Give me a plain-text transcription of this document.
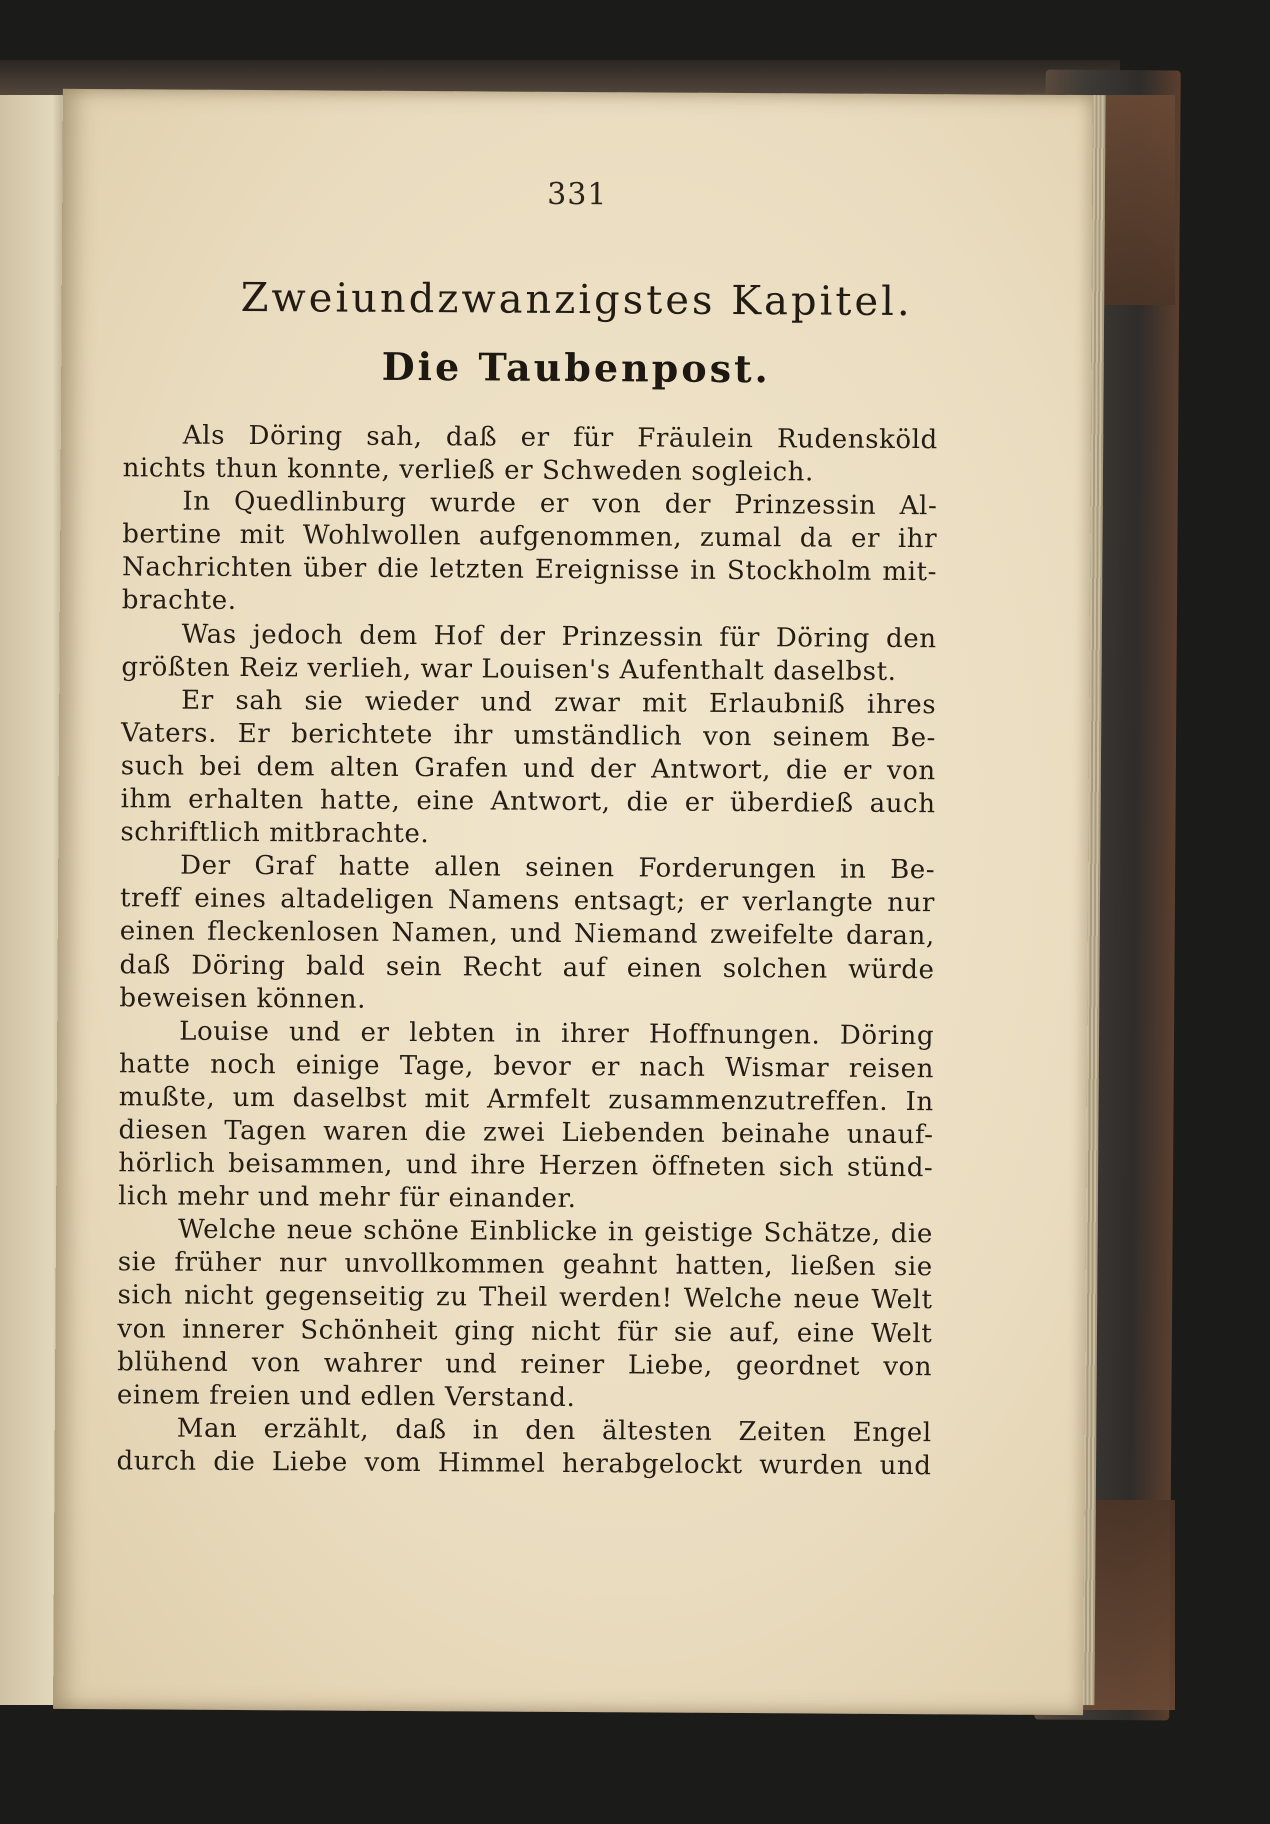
331
Zweiundzwanzigstes Kapitel.
Die Taubenpost.
Als Döring sah, daß er für Fräulein Rudensköld
nichts thun konnte, verließ er Schweden sogleich.
In Quedlinburg wurde er von der Prinzessin Al-
bertine mit Wohlwollen aufgenommen, zumal da er ihr
Nachrichten über die letzten Ereignisse in Stockholm mit-
brachte.
Was jedoch dem Hof der Prinzessin für Döring den
größten Reiz verlieh, war Louisen's Aufenthalt daselbst.
Er sah sie wieder und zwar mit Erlaubniß ihres
Vaters. Er berichtete ihr umständlich von seinem Be-
such bei dem alten Grafen und der Antwort, die er von
ihm erhalten hatte, eine Antwort, die er überdieß auch
schriftlich mitbrachte.
Der Graf hatte allen seinen Forderungen in Be-
treff eines altadeligen Namens entsagt; er verlangte nur
einen fleckenlosen Namen, und Niemand zweifelte daran,
daß Döring bald sein Recht auf einen solchen würde
beweisen können.
Louise und er lebten in ihrer Hoffnungen. Döring
hatte noch einige Tage, bevor er nach Wismar reisen
mußte, um daselbst mit Armfelt zusammenzutreffen. In
diesen Tagen waren die zwei Liebenden beinahe unauf-
hörlich beisammen, und ihre Herzen öffneten sich stünd-
lich mehr und mehr für einander.
Welche neue schöne Einblicke in geistige Schätze, die
sie früher nur unvollkommen geahnt hatten, ließen sie
sich nicht gegenseitig zu Theil werden! Welche neue Welt
von innerer Schönheit ging nicht für sie auf, eine Welt
blühend von wahrer und reiner Liebe, geordnet von
einem freien und edlen Verstand.
Man erzählt, daß in den ältesten Zeiten Engel
durch die Liebe vom Himmel herabgelockt wurden und
